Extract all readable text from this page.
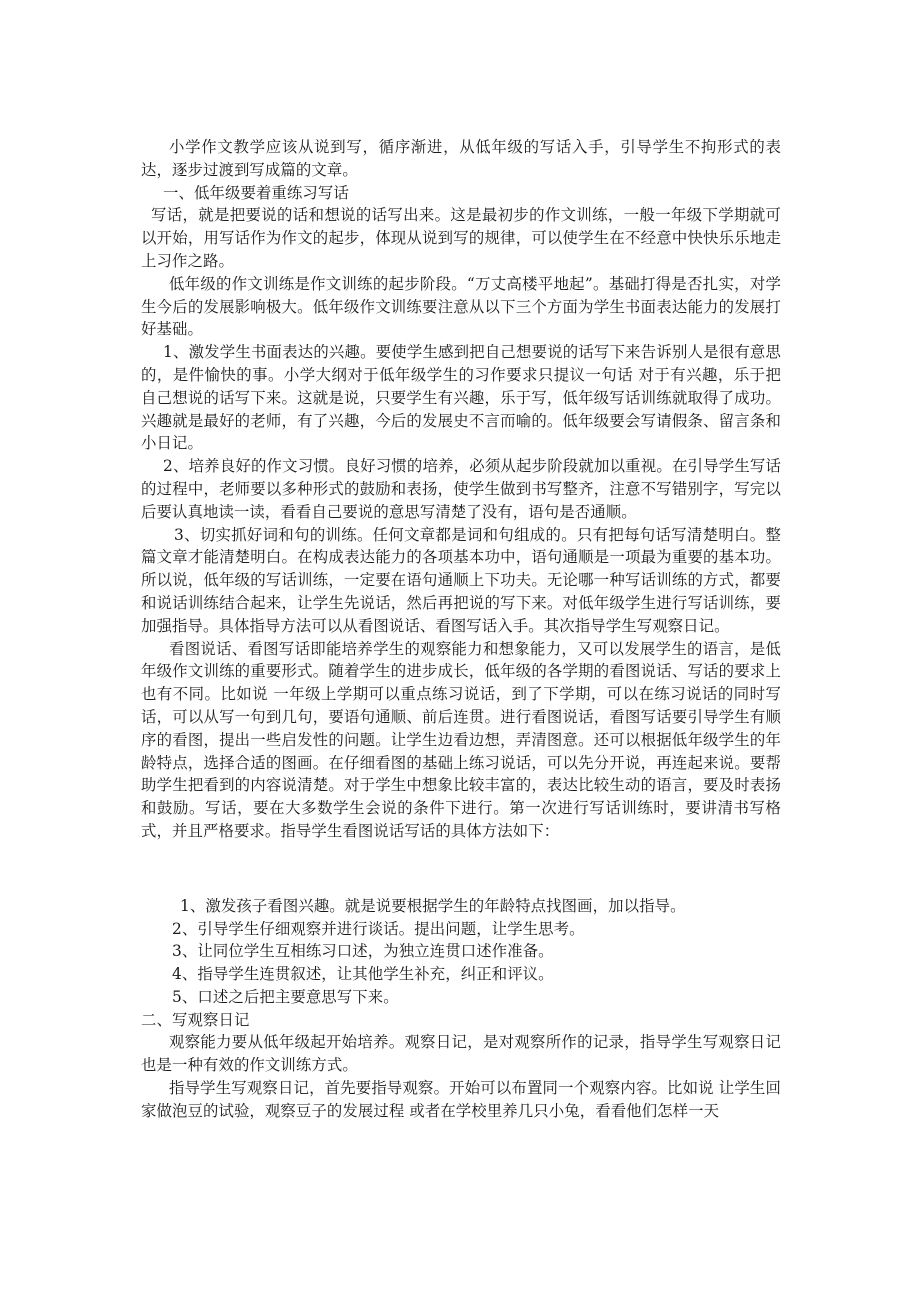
小学作文教学应该从说到写，循序渐进，从低年级的写话入手，引导学生不拘形式的表达，逐步过渡到写成篇的文章。

一、低年级要着重练习写话

写话，就是把要说的话和想说的话写出来。这是最初步的作文训练，一般一年级下学期就可以开始，用写话作为作文的起步，体现从说到写的规律，可以使学生在不经意中快快乐乐地走上习作之路。

低年级的作文训练是作文训练的起步阶段。“万丈高楼平地起”。基础打得是否扎实，对学生今后的发展影响极大。低年级作文训练要注意从以下三个方面为学生书面表达能力的发展打好基础。

1、激发学生书面表达的兴趣。要使学生感到把自己想要说的话写下来告诉别人是很有意思的，是件愉快的事。小学大纲对于低年级学生的习作要求只提议一句话 对于有兴趣，乐于把自己想说的话写下来。这就是说，只要学生有兴趣，乐于写，低年级写话训练就取得了成功。兴趣就是最好的老师，有了兴趣，今后的发展史不言而喻的。低年级要会写请假条、留言条和小日记。

2、培养良好的作文习惯。良好习惯的培养，必须从起步阶段就加以重视。在引导学生写话的过程中，老师要以多种形式的鼓励和表扬，使学生做到书写整齐，注意不写错别字，写完以后要认真地读一读，看看自己要说的意思写清楚了没有，语句是否通顺。

3、切实抓好词和句的训练。任何文章都是词和句组成的。只有把每句话写清楚明白。整篇文章才能清楚明白。在构成表达能力的各项基本功中，语句通顺是一项最为重要的基本功。所以说，低年级的写话训练，一定要在语句通顺上下功夫。无论哪一种写话训练的方式，都要和说话训练结合起来，让学生先说话，然后再把说的写下来。对低年级学生进行写话训练，要加强指导。具体指导方法可以从看图说话、看图写话入手。其次指导学生写观察日记。

看图说话、看图写话即能培养学生的观察能力和想象能力，又可以发展学生的语言，是低年级作文训练的重要形式。随着学生的进步成长，低年级的各学期的看图说话、写话的要求上也有不同。比如说 一年级上学期可以重点练习说话，到了下学期，可以在练习说话的同时写话，可以从写一句到几句，要语句通顺、前后连贯。进行看图说话，看图写话要引导学生有顺序的看图，提出一些启发性的问题。让学生边看边想，弄清图意。还可以根据低年级学生的年龄特点，选择合适的图画。在仔细看图的基础上练习说话，可以先分开说，再连起来说。要帮助学生把看到的内容说清楚。对于学生中想象比较丰富的，表达比较生动的语言，要及时表扬和鼓励。写话，要在大多数学生会说的条件下进行。第一次进行写话训练时，要讲清书写格式，并且严格要求。指导学生看图说话写话的具体方法如下：

1、激发孩子看图兴趣。就是说要根据学生的年龄特点找图画，加以指导。

2、引导学生仔细观察并进行谈话。提出问题，让学生思考。

3、让同位学生互相练习口述，为独立连贯口述作准备。

4、指导学生连贯叙述，让其他学生补充，纠正和评议。

5、口述之后把主要意思写下来。

二、写观察日记

观察能力要从低年级起开始培养。观察日记，是对观察所作的记录，指导学生写观察日记也是一种有效的作文训练方式。

指导学生写观察日记，首先要指导观察。开始可以布置同一个观察内容。比如说 让学生回家做泡豆的试验，观察豆子的发展过程 或者在学校里养几只小兔，看看他们怎样一天
